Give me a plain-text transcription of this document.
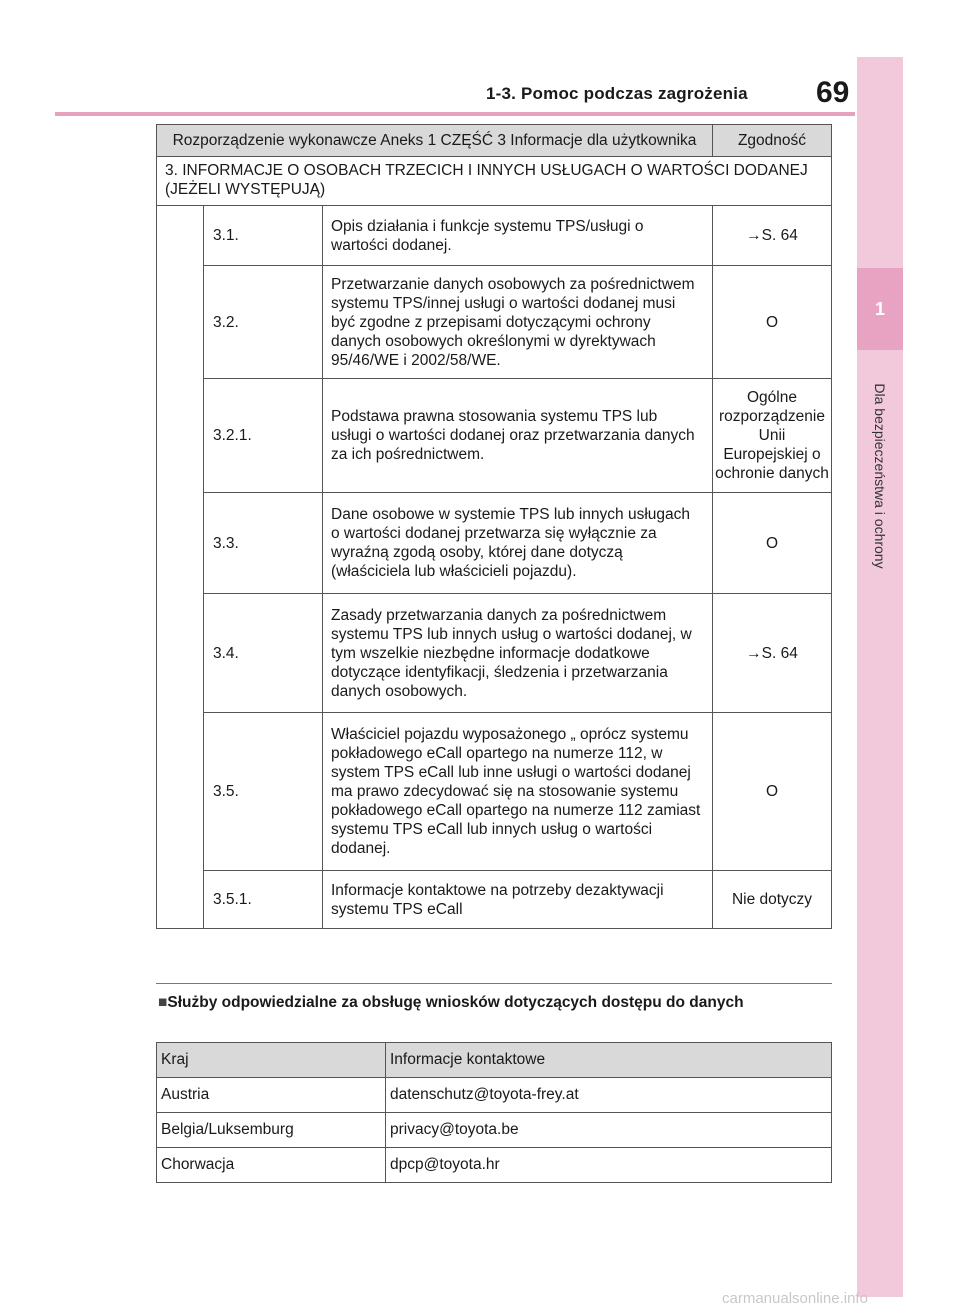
1-3. Pomoc podczas zagrożenia 69
1
Dla bezpieczeństwa i ochrony
Rozporządzenie wykonawcze Aneks 1 CZĘŚĆ 3 Informacje dla użytkownika			Zgodność
3. INFORMACJE O OSOBACH TRZECICH I INNYCH USŁUGACH O WARTOŚCI DODANEJ (JEŻELI WYSTĘPUJĄ)			
	3.1.	Opis działania i funkcje systemu TPS/usługi o wartości dodanej.	→S. 64
	3.2.	Przetwarzanie danych osobowych za pośrednictwem systemu TPS/innej usługi o wartości dodanej musi być zgodne z przepisami dotyczącymi ochrony danych osobowych określonymi w dyrektywach 95/46/WE i 2002/58/WE.	O
	3.2.1.	Podstawa prawna stosowania systemu TPS lub usługi o wartości dodanej oraz przetwarzania danych za ich pośrednictwem.	Ogólne rozporządzenie Unii Europejskiej o ochronie danych
	3.3.	Dane osobowe w systemie TPS lub innych usługach o wartości dodanej przetwarza się wyłącznie za wyraźną zgodą osoby, której dane dotyczą (właściciela lub właścicieli pojazdu).	O
	3.4.	Zasady przetwarzania danych za pośrednictwem systemu TPS lub innych usług o wartości dodanej, w tym wszelkie niezbędne informacje dodatkowe dotyczące identyfikacji, śledzenia i przetwarzania danych osobowych.	→S. 64
	3.5.	Właściciel pojazdu wyposażonego „ oprócz systemu pokładowego eCall opartego na numerze 112, w system TPS eCall lub inne usługi o wartości dodanej ma prawo zdecydować się na stosowanie systemu pokładowego eCall opartego na numerze 112 zamiast systemu TPS eCall lub innych usług o wartości dodanej.	O
	3.5.1.	Informacje kontaktowe na potrzeby dezaktywacji systemu TPS eCall	Nie dotyczy
■Służby odpowiedzialne za obsługę wniosków dotyczących dostępu do danych
Kraj	Informacje kontaktowe
Austria	datenschutz@toyota-frey.at
Belgia/Luksemburg	privacy@toyota.be
Chorwacja	dpcp@toyota.hr
carmanualsonline.info
